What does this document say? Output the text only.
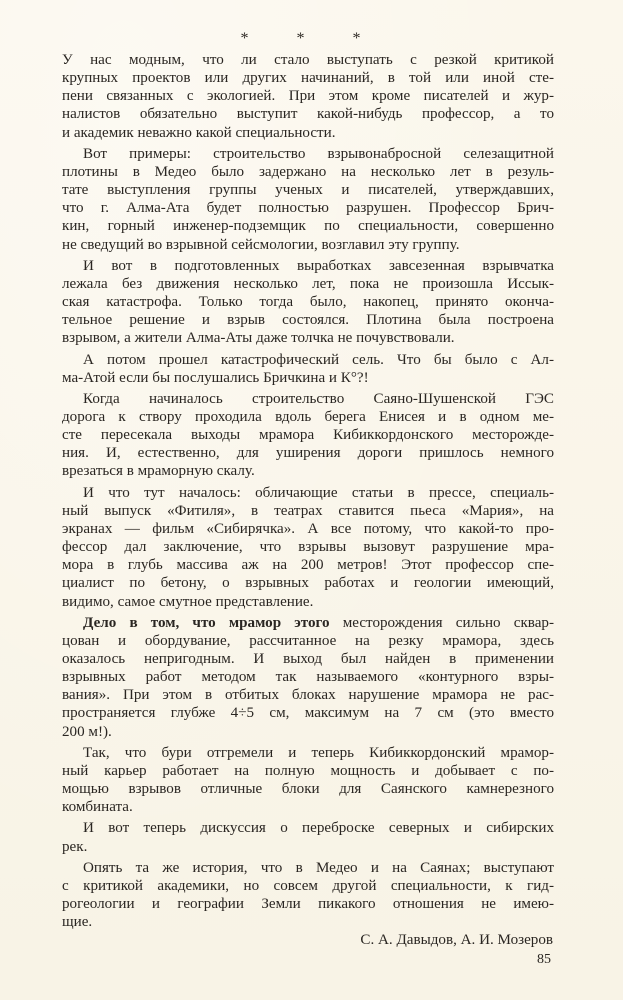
* * *

У нас модным, что ли стало выступать с резкой критикой
крупных проектов или других начинаний, в той или иной сте-
пени связанных с экологией. При этом кроме писателей и жур-
налистов обязательно выступит какой-нибудь профессор, а то
и академик неважно какой специальности.

Вот примеры: строительство взрывонабросной селезащитной
плотины в Медео было задержано на несколько лет в резуль-
тате выступления группы ученых и писателей, утверждавших,
что г. Алма-Ата будет полностью разрушен. Профессор Брич-
кин, горный инженер-подземщик по специальности, совершенно
не сведущий во взрывной сейсмологии, возглавил эту группу.

И вот в подготовленных выработках завсезенная взрывчатка
лежала без движения несколько лет, пока не произошла Иссык-
ская катастрофа. Только тогда было, накопец, принято оконча-
тельное решение и взрыв состоялся. Плотина была построена
взрывом, а жители Алма-Аты даже толчка не почувствовали.

А потом прошел катастрофический сель. Что бы было с Ал-
ма-Атой если бы послушались Бричкина и К°?!

Когда начиналось строительство Саяно-Шушенской ГЭС
дорога к створу проходила вдоль берега Енисея и в одном ме-
сте пересекала выходы мрамора Кибиккордонского месторожде-
ния. И, естественно, для уширения дороги пришлось немного
врезаться в мраморную скалу.

И что тут началось: обличающие статьи в прессе, специаль-
ный выпуск «Фитиля», в театрах ставится пьеса «Мария», на
экранах — фильм «Сибирячка». А все потому, что какой-то про-
фессор дал заключение, что взрывы вызовут разрушение мра-
мора в глубь массива аж на 200 метров! Этот профессор спе-
циалист по бетону, о взрывных работах и геологии имеющий,
видимо, самое смутное представление.

Дело в том, что мрамор этого месторождения сильно сквар-
цован и обордувание, рассчитанное на резку мрамора, здесь
оказалось непригодным. И выход был найден в применении
взрывных работ методом так называемого «контурного взры-
вания». При этом в отбитых блоках нарушение мрамора не рас-
пространяется глубже 4÷5 см, максимум на 7 см (это вместо
200 м!).

Так, что бури отгремели и теперь Кибиккордонский мрамор-
ный карьер работает на полную мощность и добывает с по-
мощью взрывов отличные блоки для Саянского камнерезного
комбината.

И вот теперь дискуссия о переброске северных и сибирских
рек.

Опять та же история, что в Медео и на Саянах; выступают
с критикой академики, но совсем другой специальности, к гид-
рогеологии и географии Земли пикакого отношения не имею-
щие.

С. А. Давыдов, А. И. Мозеров
85
